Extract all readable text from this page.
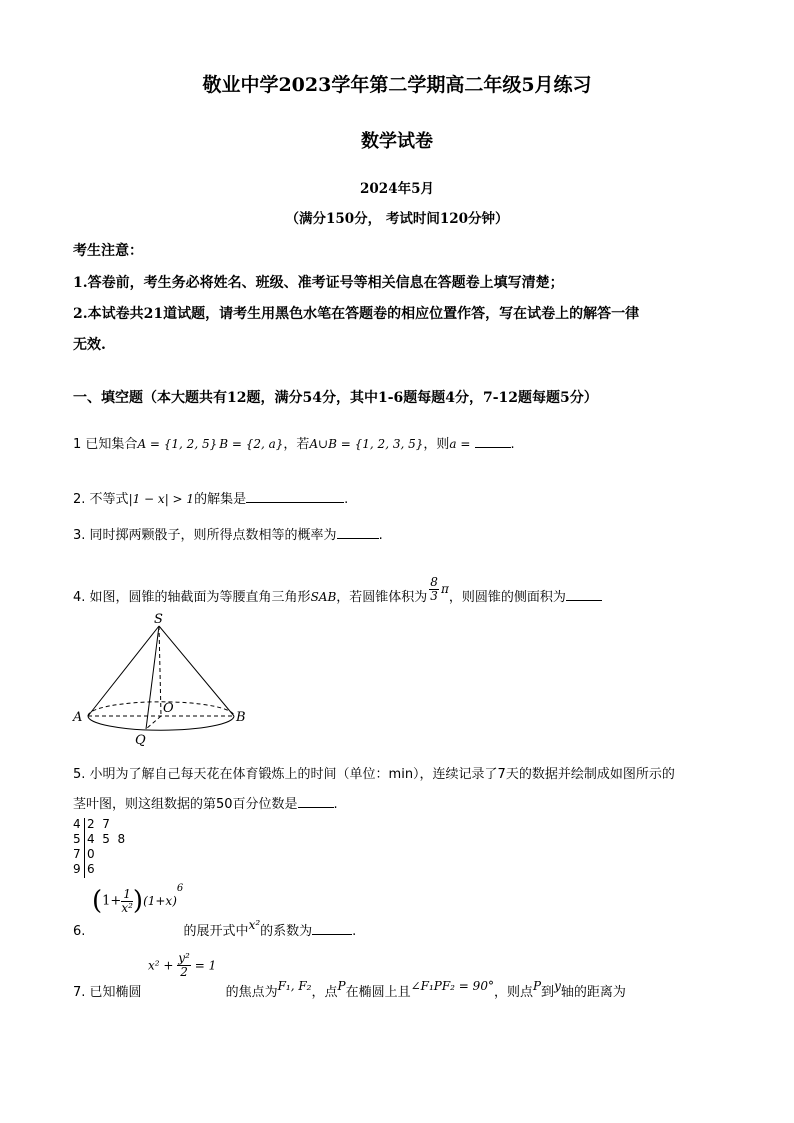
敬业中学2023学年第二学期高二年级5月练习
数学试卷
2024年5月
（满分150分， 考试时间120分钟）
考生注意：
1.答卷前，考生务必将姓名、班级、准考证号等相关信息在答题卷上填写清楚；
2.本试卷共21道试题，请考生用黑色水笔在答题卷的相应位置作答，写在试卷上的解答一律
无效.
一、填空题（本大题共有12题，满分54分，其中1-6题每题4分，7-12题每题5分）
1 已知集合A = {1, 2, 5} B = {2, a}，若A∪B = {1, 2, 3, 5}，则a =	.
2. 不等式|1 − x| > 1的解集是	.
3. 同时掷两颗骰子，则所得点数相等的概率为	.
4. 如图，圆锥的轴截面为等腰直角三角形SAB，若圆锥体积为 $\frac{8}{3}$ π，则圆锥的侧面积为
S
A	B
O
Q
5. 小明为了解自己每天花在体育锻炼上的时间（单位：min），连续记录了7天的数据并绘制成如图所示的
茎叶图，则这组数据的第50百分位数是	.
4 2  7
5 4  5  8
7 0
9 6
$(1+ \frac{1}{\text{x²}} )(1+x)^6$
6.	的展开式中x²的系数为	.
$x^2 + \frac{\text{y²}}{2} = 1$
7. 已知椭圆	的焦点为F₁, F₂，点P在椭圆上且∠F₁PF₂ = 90°，则点P到y轴的距离为
